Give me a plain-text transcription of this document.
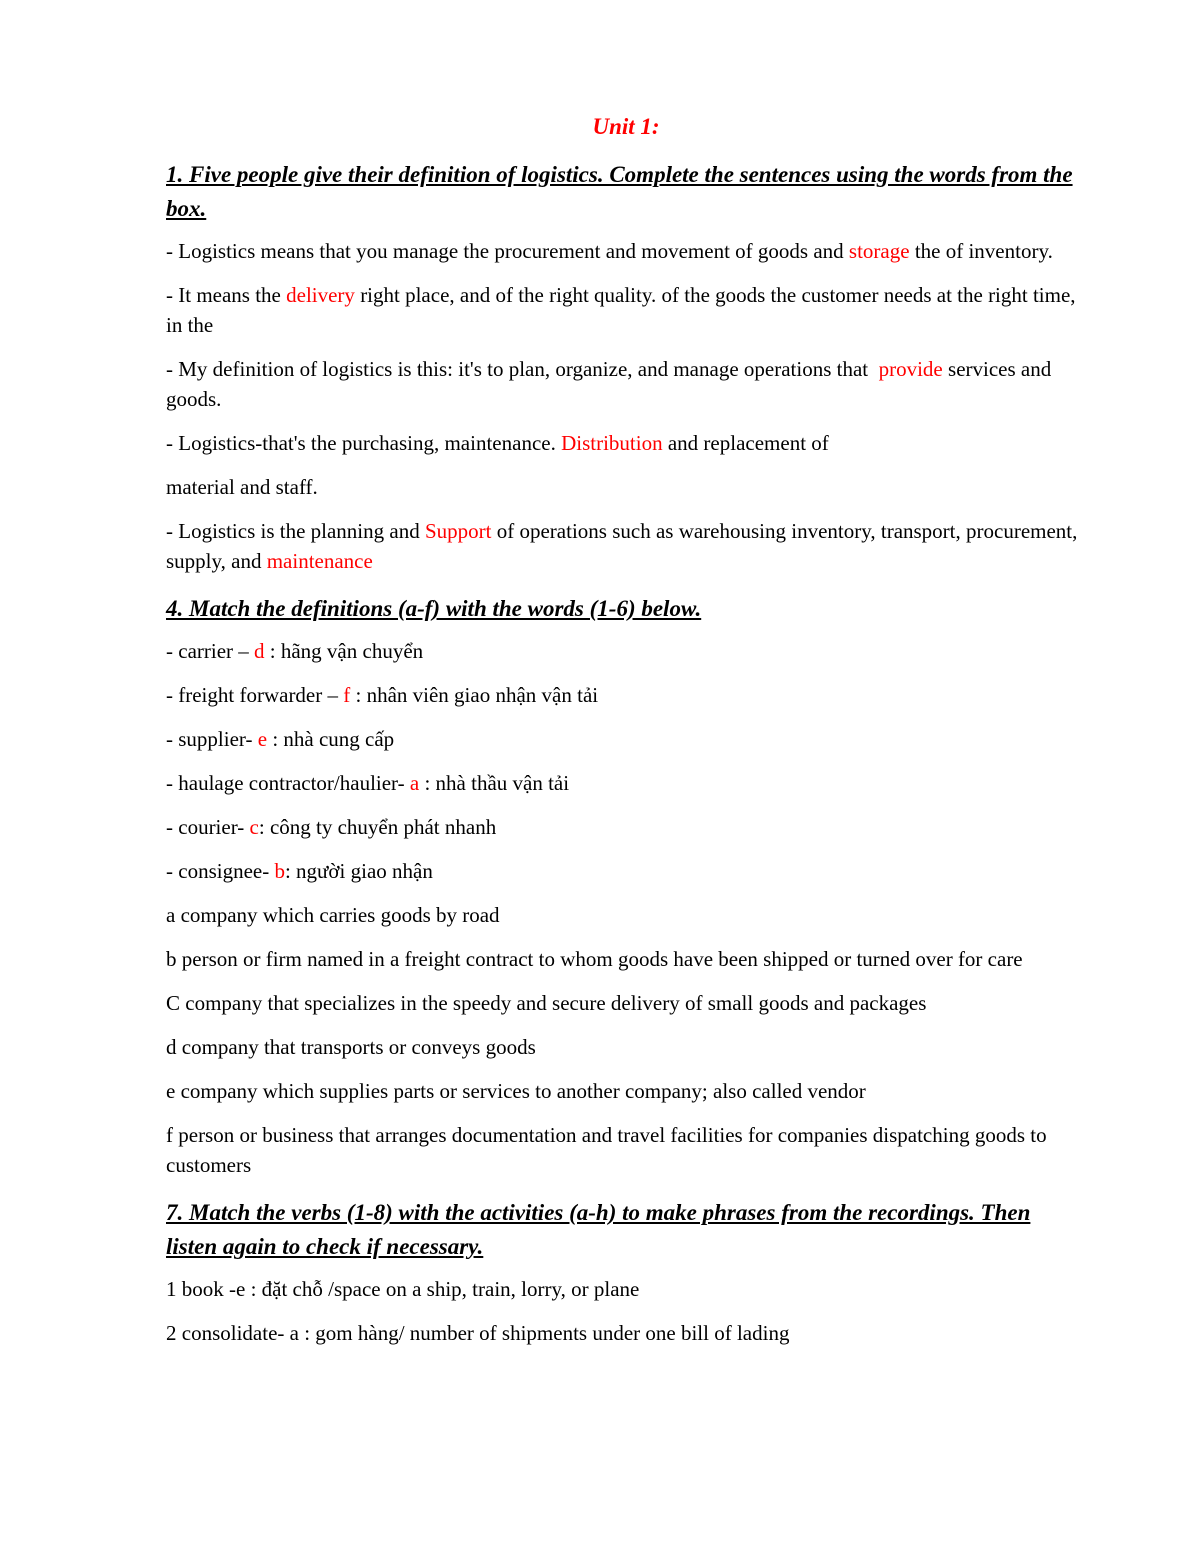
Unit 1:
1. Five people give their definition of logistics. Complete the sentences using the words from the box.

- Logistics means that you manage the procurement and movement of goods and storage the of inventory.

- It means the delivery right place, and of the right quality. of the goods the customer needs at the right time, in the

- My definition of logistics is this: it's to plan, organize, and manage operations that  provide services and goods.

- Logistics-that's the purchasing, maintenance. Distribution and replacement of

material and staff.

- Logistics is the planning and Support of operations such as warehousing inventory, transport, procurement, supply, and maintenance

4. Match the definitions (a-f) with the words (1-6) below.

- carrier – d : hãng vận chuyển

- freight forwarder – f : nhân viên giao nhận vận tải

- supplier- e : nhà cung cấp

- haulage contractor/haulier- a : nhà thầu vận tải

- courier- c: công ty chuyển phát nhanh

- consignee- b: người giao nhận

a company which carries goods by road

b person or firm named in a freight contract to whom goods have been shipped or turned over for care

C company that specializes in the speedy and secure delivery of small goods and packages

d company that transports or conveys goods

e company which supplies parts or services to another company; also called vendor

f person or business that arranges documentation and travel facilities for companies dispatching goods to customers

7. Match the verbs (1-8) with the activities (a-h) to make phrases from the recordings. Then listen again to check if necessary.

1 book -e : đặt chỗ /space on a ship, train, lorry, or plane

2 consolidate- a : gom hàng/ number of shipments under one bill of lading
